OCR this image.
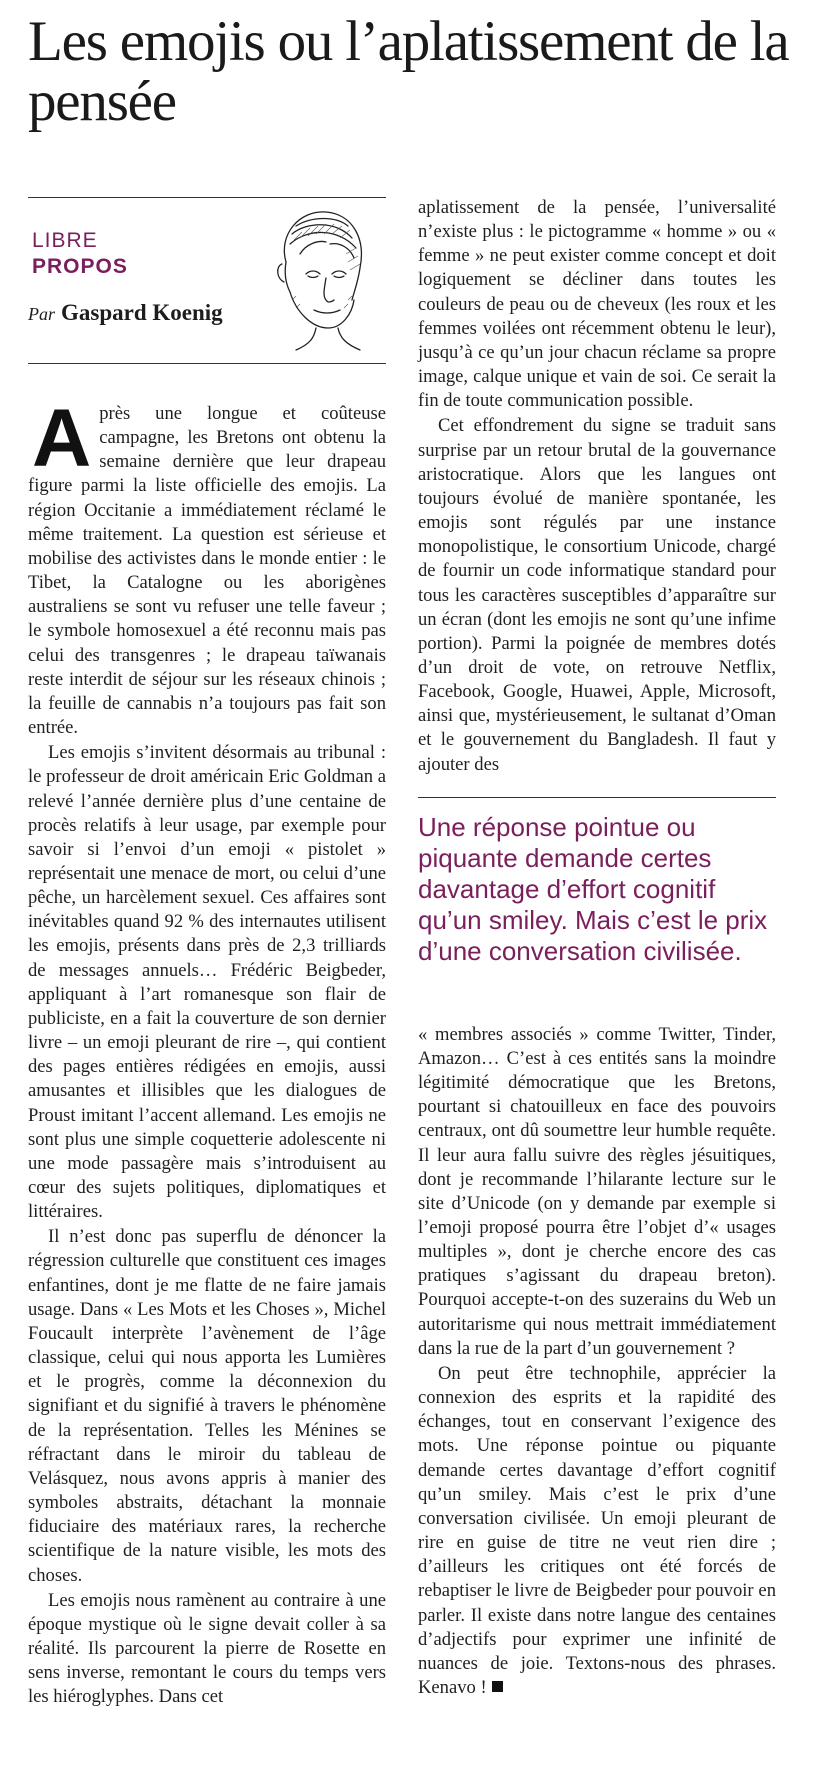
Les emojis ou l’aplatissement de la pensée
LIBRE
PROPOS
Par Gaspard Koenig

Après une longue et coûteuse campagne, les Bretons ont obtenu la semaine dernière que leur drapeau figure parmi la liste officielle des emojis. La région Occitanie a immédiatement réclamé le même traitement. La question est sérieuse et mobilise des activistes dans le monde entier : le Tibet, la Catalogne ou les aborigènes australiens se sont vu refuser une telle faveur ; le symbole homosexuel a été reconnu mais pas celui des transgenres ; le drapeau taïwanais reste interdit de séjour sur les réseaux chinois ; la feuille de cannabis n’a toujours pas fait son entrée.

Les emojis s’invitent désormais au tribunal : le professeur de droit américain Eric Goldman a relevé l’année dernière plus d’une centaine de procès relatifs à leur usage, par exemple pour savoir si l’envoi d’un emoji « pistolet » représentait une menace de mort, ou celui d’une pêche, un harcèlement sexuel. Ces affaires sont inévitables quand 92 % des internautes utilisent les emojis, présents dans près de 2,3 trilliards de messages annuels… Frédéric Beigbeder, appliquant à l’art romanesque son flair de publiciste, en a fait la couverture de son dernier livre – un emoji pleurant de rire –, qui contient des pages entières rédigées en emojis, aussi amusantes et illisibles que les dialogues de Proust imitant l’accent allemand. Les emojis ne sont plus une simple coquetterie adolescente ni une mode passagère mais s’introduisent au cœur des sujets politiques, diplomatiques et littéraires.

Il n’est donc pas superflu de dénoncer la régression culturelle que constituent ces images enfantines, dont je me flatte de ne faire jamais usage. Dans « Les Mots et les Choses », Michel Foucault interprète l’avènement de l’âge classique, celui qui nous apporta les Lumières et le progrès, comme la déconnexion du signifiant et du signifié à travers le phénomène de la représentation. Telles les Ménines se réfractant dans le miroir du tableau de Velásquez, nous avons appris à manier des symboles abstraits, détachant la monnaie fiduciaire des matériaux rares, la recherche scientifique de la nature visible, les mots des choses.

Les emojis nous ramènent au contraire à une époque mystique où le signe devait coller à sa réalité. Ils parcourent la pierre de Rosette en sens inverse, remontant le cours du temps vers les hiéroglyphes. Dans cet

aplatissement de la pensée, l’universalité n’existe plus : le pictogramme « homme » ou « femme » ne peut exister comme concept et doit logiquement se décliner dans toutes les couleurs de peau ou de cheveux (les roux et les femmes voilées ont récemment obtenu le leur), jusqu’à ce qu’un jour chacun réclame sa propre image, calque unique et vain de soi. Ce serait la fin de toute communication possible.

Cet effondrement du signe se traduit sans surprise par un retour brutal de la gouvernance aristocratique. Alors que les langues ont toujours évolué de manière spontanée, les emojis sont régulés par une instance monopolistique, le consortium Unicode, chargé de fournir un code informatique standard pour tous les caractères susceptibles d’apparaître sur un écran (dont les emojis ne sont qu’une infime portion). Parmi la poignée de membres dotés d’un droit de vote, on retrouve Netflix, Facebook, Google, Huawei, Apple, Microsoft, ainsi que, mystérieusement, le sultanat d’Oman et le gouvernement du Bangladesh. Il faut y ajouter des

Une réponse pointue ou piquante demande certes davantage d’effort cognitif qu’un smiley. Mais c’est le prix d’une conversation civilisée.

« membres associés » comme Twitter, Tinder, Amazon… C’est à ces entités sans la moindre légitimité démocratique que les Bretons, pourtant si chatouilleux en face des pouvoirs centraux, ont dû soumettre leur humble requête. Il leur aura fallu suivre des règles jésuitiques, dont je recommande l’hilarante lecture sur le site d’Unicode (on y demande par exemple si l’emoji proposé pourra être l’objet d’« usages multiples », dont je cherche encore des cas pratiques s’agissant du drapeau breton). Pourquoi accepte-t-on des suzerains du Web un autoritarisme qui nous mettrait immédiatement dans la rue de la part d’un gouvernement ?

On peut être technophile, apprécier la connexion des esprits et la rapidité des échanges, tout en conservant l’exigence des mots. Une réponse pointue ou piquante demande certes davantage d’effort cognitif qu’un smiley. Mais c’est le prix d’une conversation civilisée. Un emoji pleurant de rire en guise de titre ne veut rien dire ; d’ailleurs les critiques ont été forcés de rebaptiser le livre de Beigbeder pour pouvoir en parler. Il existe dans notre langue des centaines d’adjectifs pour exprimer une infinité de nuances de joie. Textons-nous des phrases. Kenavo !
